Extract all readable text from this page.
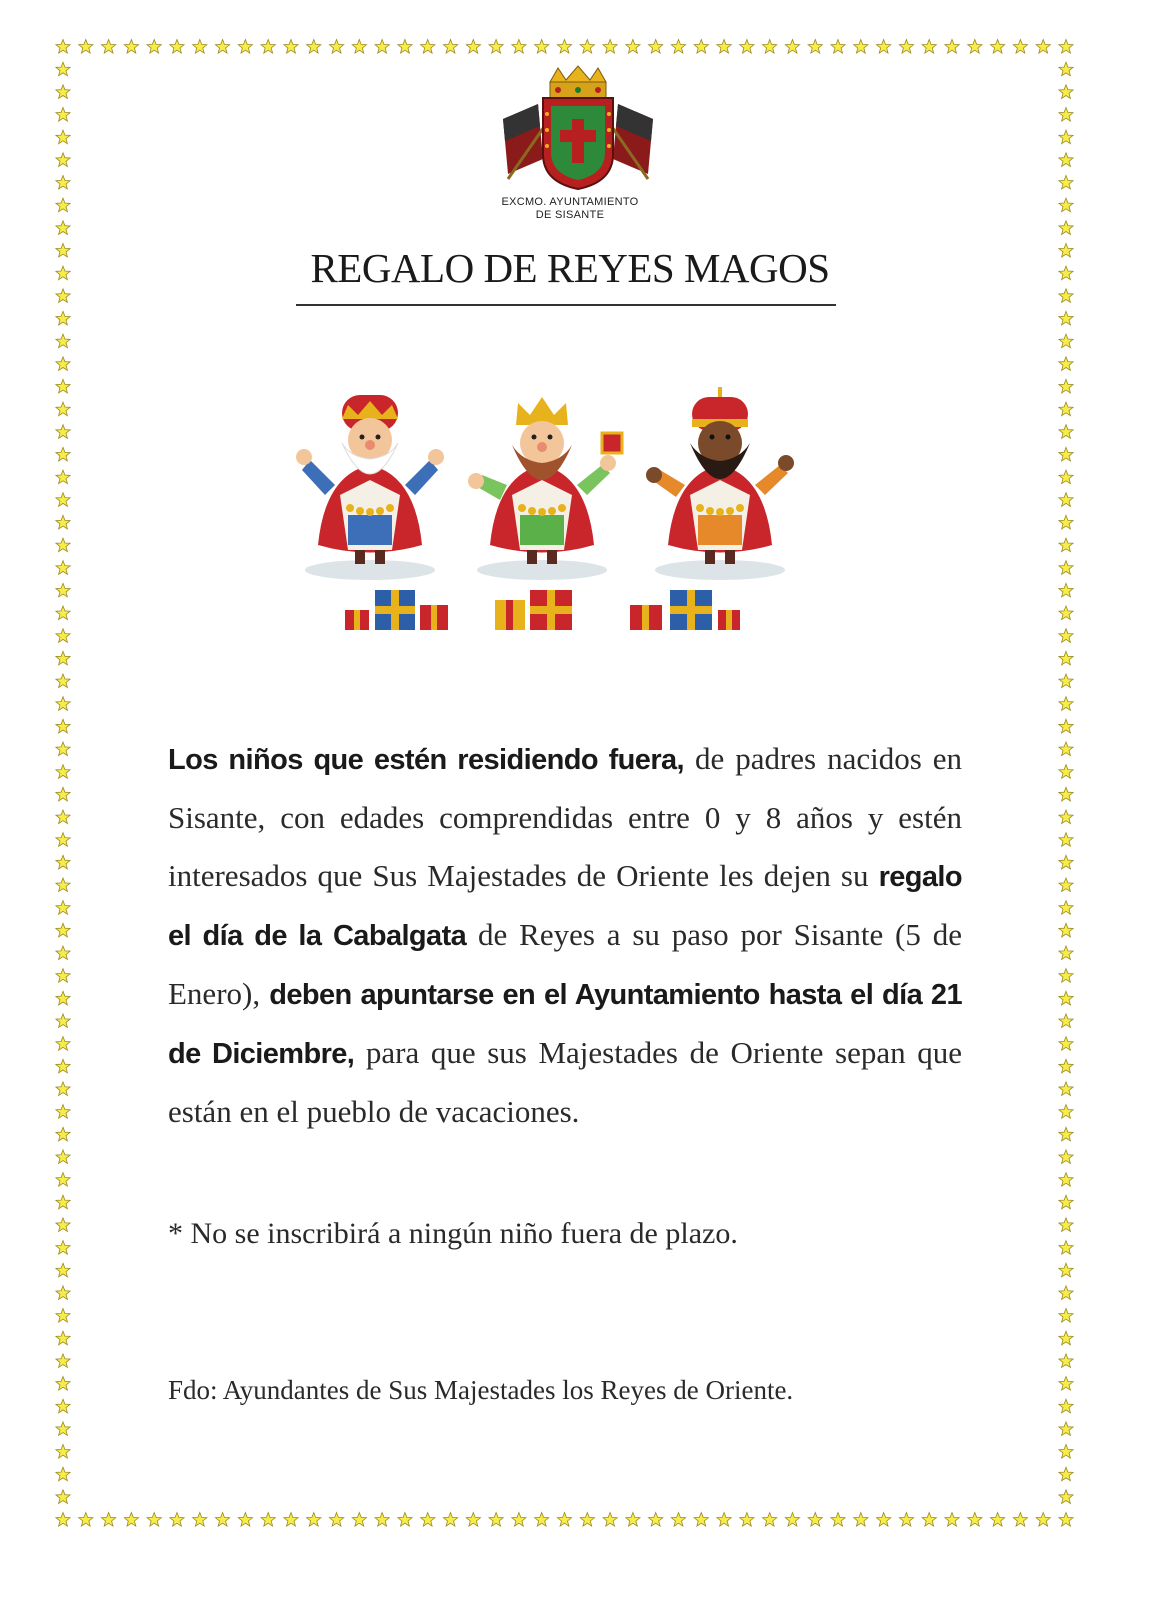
EXCMO. AYUNTAMIENTO
DE SISANTE
REGALO DE REYES MAGOS
Los niños que estén residiendo fuera, de padres nacidos en Sisante, con edades comprendidas entre 0 y 8 años y estén interesados que Sus Majestades de Oriente les dejen su regalo el día de la Cabalgata de Reyes a su paso por Sisante (5 de Enero), deben apuntarse en el Ayuntamiento hasta el día 21 de Diciembre, para que sus Majestades de Oriente sepan que están en el pueblo de vacaciones.
* No se inscribirá a ningún niño fuera de plazo.
Fdo: Ayundantes de Sus Majestades los Reyes de Oriente.
